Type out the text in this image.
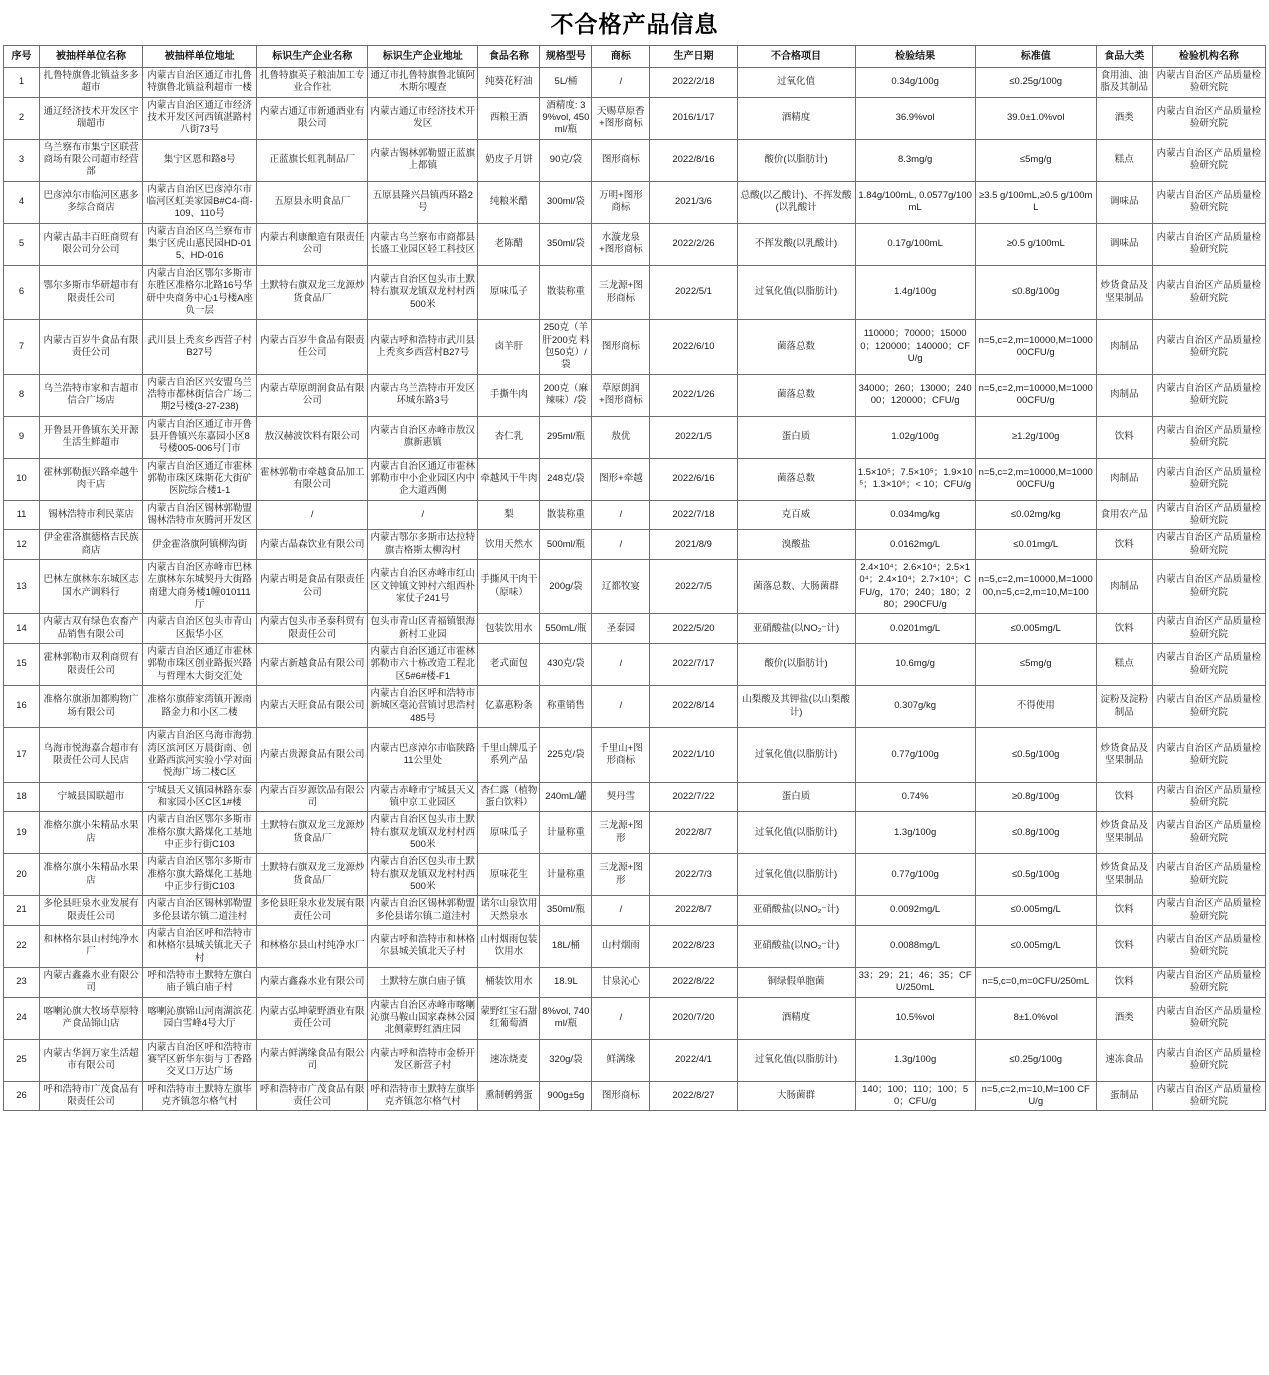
不合格产品信息
序号	被抽样单位名称	被抽样单位地址	标识生产企业名称	标识生产企业地址	食品名称	规格型号	商标	生产日期	不合格项目	检验结果	标准值	食品大类	检验机构名称
1	扎鲁特旗鲁北镇益多多超市	内蒙古自治区通辽市扎鲁特旗鲁北镇益利超市一楼	扎鲁特旗英子粮油加工专业合作社	通辽市扎鲁特旗鲁北镇阿木斯尔嘎查	纯葵花籽油	5L/桶	/	2022/2/18	过氧化值	0.34g/100g	≤0.25g/100g	食用油、油脂及其制品	内蒙古自治区产品质量检验研究院
2	通辽经济技术开发区宇瑞超市	内蒙古自治区通辽市经济技术开发区河西镇湛路村八街73号	内蒙古通辽市新通酒业有限公司	内蒙古通辽市经济技术开发区	西粮王酒	酒精度: 39%vol, 450ml/瓶	天赐草原香+图形商标	2016/1/17	酒精度	36.9%vol	39.0±1.0%vol	酒类	内蒙古自治区产品质量检验研究院
3	乌兰察布市集宁区联营商场有限公司超市经营部	集宁区恩和路8号	正蓝旗长虹乳制品厂	内蒙古锡林郭勒盟正蓝旗上都镇	奶皮子月饼	90克/袋	图形商标	2022/8/16	酸价(以脂肪计)	8.3mg/g	≤5mg/g	糕点	内蒙古自治区产品质量检验研究院
4	巴彦淖尔市临河区惠多多综合商店	内蒙古自治区巴彦淖尔市临河区虹美家园B#C4-商-109、110号	五原县永明食品厂	五原县隆兴昌镇西环路2号	纯粮米醋	300ml/袋	万明+图形商标	2021/3/6	总酸(以乙酸计)、不挥发酸(以乳酸计	1.84g/100mL, 0.0577g/100mL	≥3.5 g/100mL,≥0.5 g/100mL	调味品	内蒙古自治区产品质量检验研究院
5	内蒙古晶丰百旺商贸有限公司分公司	内蒙古自治区乌兰察布市集宁区虎山惠民园HD-015、HD-016	内蒙古利康酿造有限责任公司	内蒙古乌兰察布市商都县长盛工业园区轻工科技区	老陈醋	350ml/袋	水漩龙泉+图形商标	2022/2/26	不挥发酸(以乳酸计)	0.17g/100mL	≥0.5 g/100mL	调味品	内蒙古自治区产品质量检验研究院
6	鄂尔多斯市华研超市有限责任公司	内蒙古自治区鄂尔多斯市东胜区准格尔北路16号华研中央商务中心1号楼A座负一层	土默特右旗双龙三龙源炒货食品厂	内蒙古自治区包头市土默特右旗双龙镇双龙村村西500米	原味瓜子	散装称重	三龙源+图形商标	2022/5/1	过氧化值(以脂肪计)	1.4g/100g	≤0.8g/100g	炒货食品及坚果制品	内蒙古自治区产品质量检验研究院
7	内蒙古百岁牛食品有限责任公司	武川县上秃亥乡西营子村B27号	内蒙古百岁牛食品有限责任公司	内蒙古呼和浩特市武川县上秃亥乡西营村B27号	卤羊肝	250克（羊肝200克 料包50克）/袋	图形商标	2022/6/10	菌落总数	110000；70000；150000；120000；140000；CFU/g	n=5,c=2,m=10000,M=100000CFU/g	肉制品	内蒙古自治区产品质量检验研究院
8	乌兰浩特市家和吉超市信合广场店	内蒙古自治区兴安盟乌兰浩特市都林街信合广场二期2号楼(3-27-238)	内蒙古草原朗润食品有限公司	内蒙古乌兰浩特市开发区环城东路3号	手撕牛肉	200克（麻辣味）/袋	草原朗润+图形商标	2022/1/26	菌落总数	34000；260；13000；24000；120000；CFU/g	n=5,c=2,m=10000,M=100000CFU/g	肉制品	内蒙古自治区产品质量检验研究院
9	开鲁县开鲁镇东关开源生活生鲜超市	内蒙古自治区通辽市开鲁县开鲁镇兴东嘉园小区8号楼005-006号门市	敖汉赫波饮料有限公司	内蒙古自治区赤峰市敖汉旗新惠镇	杏仁乳	295ml/瓶	敖优	2022/1/5	蛋白质	1.02g/100g	≥1.2g/100g	饮料	内蒙古自治区产品质量检验研究院
10	霍林郭勒振兴路牵越牛肉干店	内蒙古自治区通辽市霍林郭勒市珠区珠斯花大街矿医院综合楼1-1	霍林郭勒市牵越食品加工有限公司	内蒙古自治区通辽市霍林郭勒市中小企业园区内中企大道西侧	牵越风干牛肉	248克/袋	图形+牵越	2022/6/16	菌落总数	1.5×10⁵；7.5×10⁵；1.9×10⁵；1.3×10⁶；< 10；CFU/g	n=5,c=2,m=10000,M=100000CFU/g	肉制品	内蒙古自治区产品质量检验研究院
11	锡林浩特市利民菜店	内蒙古自治区锡林郭勒盟锡林浩特市灰腾河开发区	/	/	梨	散装称重	/	2022/7/18	克百威	0.034mg/kg	≤0.02mg/kg	食用农产品	内蒙古自治区产品质量检验研究院
12	伊金霍洛旗德格吉民族商店	伊金霍洛旗阿镇柳沟街	内蒙古晶森饮业有限公司	内蒙古鄂尔多斯市达拉特旗吉格斯太柳沟村	饮用天然水	500ml/瓶	/	2021/8/9	溴酸盐	0.0162mg/L	≤0.01mg/L	饮料	内蒙古自治区产品质量检验研究院
13	巴林左旗林东东城区志国水产调料行	内蒙古自治区赤峰市巴林左旗林东东城契丹大街路南建大商务楼1幢010111厅	内蒙古明是食品有限责任公司	内蒙古自治区赤峰市红山区文钟镇文钟村六组西朴家仗子241号	手撕风干肉干（原味）	200g/袋	辽都牧宴	2022/7/5	菌落总数、大肠菌群	2.4×10⁴；2.6×10⁴；2.5×10⁴；2.4×10⁴；2.7×10⁴；CFU/g，170；240；180；280；290CFU/g	n=5,c=2,m=10000,M=100000,n=5,c=2,m=10,M=100	肉制品	内蒙古自治区产品质量检验研究院
14	内蒙古双有绿色农畜产品销售有限公司	内蒙古自治区包头市青山区振华小区	内蒙古包头市圣泰科贸有限责任公司	包头市青山区青福镇银海新村工业园	包装饮用水	550mL/瓶	圣泰园	2022/5/20	亚硝酸盐(以NO₂⁻计)	0.0201mg/L	≤0.005mg/L	饮料	内蒙古自治区产品质量检验研究院
15	霍林郭勒市双利商贸有限责任公司	内蒙古自治区通辽市霍林郭勒市珠区创业路振兴路与哲理木大街交汇处	内蒙古新越食品有限公司	内蒙古自治区通辽市霍林郭勒市六十栋改造工程北区5#6#楼-F1	老式面包	430克/袋	/	2022/7/17	酸价(以脂肪计)	10.6mg/g	≤5mg/g	糕点	内蒙古自治区产品质量检验研究院
16	准格尔旗浙加都购物广场有限公司	准格尔旗薛家湾镇开源南路金力和小区二楼	内蒙古天旺食品有限公司	内蒙古自治区呼和浩特市新城区毫沁营镇讨思浩村485号	亿嘉惠粉条	称重销售	/	2022/8/14	山梨酸及其钾盐(以山梨酸计)	0.307g/kg	不得使用	淀粉及淀粉制品	内蒙古自治区产品质量检验研究院
17	乌海市悦海嘉合超市有限责任公司人民店	内蒙古自治区乌海市海勃湾区滨河区万晨街南、创业路西滨河实验小学对面悦海广场二楼C区	内蒙古贵源食品有限公司	内蒙古巴彦淖尔市临陕路11公里处	千里山牌瓜子系列产品	225克/袋	千里山+图形商标	2022/1/10	过氧化值(以脂肪计)	0.77g/100g	≤0.5g/100g	炒货食品及坚果制品	内蒙古自治区产品质量检验研究院
18	宁城县国联超市	宁城县天义镇园林路东泰和家园小区C区1#楼	内蒙古百岁源饮品有限公司	内蒙古赤峰市宁城县天义镇中京工业园区	杏仁露（植物蛋白饮料）	240mL/罐	契丹雪	2022/7/22	蛋白质	0.74%	≥0.8g/100g	饮料	内蒙古自治区产品质量检验研究院
19	准格尔旗小朱精品水果店	内蒙古自治区鄂尔多斯市准格尔旗大路煤化工基地中正步行街C103	土默特右旗双龙三龙源炒货食品厂	内蒙古自治区包头市土默特右旗双龙镇双龙村村西500米	原味瓜子	计量称重	三龙源+图形	2022/8/7	过氧化值(以脂肪计)	1.3g/100g	≤0.8g/100g	炒货食品及坚果制品	内蒙古自治区产品质量检验研究院
20	准格尔旗小朱精品水果店	内蒙古自治区鄂尔多斯市准格尔旗大路煤化工基地中正步行街C103	土默特右旗双龙三龙源炒货食品厂	内蒙古自治区包头市土默特右旗双龙镇双龙村村西500米	原味花生	计量称重	三龙源+图形	2022/7/3	过氧化值(以脂肪计)	0.77g/100g	≤0.5g/100g	炒货食品及坚果制品	内蒙古自治区产品质量检验研究院
21	多伦县旺泉水业发展有限责任公司	内蒙古自治区锡林郭勒盟多伦县诺尔镇二道洼村	多伦县旺泉水业发展有限责任公司	内蒙古自治区锡林郭勒盟多伦县诺尔镇二道洼村	诺尔山泉饮用天然泉水	350ml/瓶	/	2022/8/7	亚硝酸盐(以NO₂⁻计)	0.0092mg/L	≤0.005mg/L	饮料	内蒙古自治区产品质量检验研究院
22	和林格尔县山村纯净水厂	内蒙古自治区呼和浩特市和林格尔县城关镇北天子村	和林格尔县山村纯净水厂	内蒙古呼和浩特市和林格尔县城关镇北天子村	山村烟雨包装饮用水	18L/桶	山村烟雨	2022/8/23	亚硝酸盐(以NO₂⁻计)	0.0088mg/L	≤0.005mg/L	饮料	内蒙古自治区产品质量检验研究院
23	内蒙古鑫淼水业有限公司	呼和浩特市土默特左旗白庙子镇白庙子村	内蒙古鑫淼水业有限公司	土默特左旗白庙子镇	桶装饮用水	18.9L	甘泉沁心	2022/8/22	铜绿假单胞菌	33；29；21；46；35；CFU/250mL	n=5,c=0,m=0CFU/250mL	饮料	内蒙古自治区产品质量检验研究院
24	喀喇沁旗大牧场草原特产食品锦山店	喀喇沁旗锦山河南湖滨花园白雪峰4号大厅	内蒙古弘坤蒙野酒业有限责任公司	内蒙古自治区赤峰市喀喇沁旗马鞍山国家森林公园北侧蒙野红酒庄园	蒙野红宝石甜红葡萄酒	8%vol, 740ml/瓶	/	2020/7/20	酒精度	10.5%vol	8±1.0%vol	酒类	内蒙古自治区产品质量检验研究院
25	内蒙古华润万家生活超市有限公司	内蒙古自治区呼和浩特市赛罕区新华东街与丁香路交叉口万达广场	内蒙古鲜满缘食品有限公司	内蒙古呼和浩特市金桥开发区新营子村	速冻烧麦	320g/袋	鲜满缘	2022/4/1	过氧化值(以脂肪计)	1.3g/100g	≤0.25g/100g	速冻食品	内蒙古自治区产品质量检验研究院
26	呼和浩特市广茂食品有限责任公司	呼和浩特市土默特左旗毕克齐镇忽尔格气村	呼和浩特市广茂食品有限责任公司	呼和浩特市土默特左旗毕克齐镇忽尔格气村	熏制鹌鹑蛋	900g±5g	图形商标	2022/8/27	大肠菌群	140；100；110；100；50；CFU/g	n=5,c=2,m=10,M=100 CFU/g	蛋制品	内蒙古自治区产品质量检验研究院
